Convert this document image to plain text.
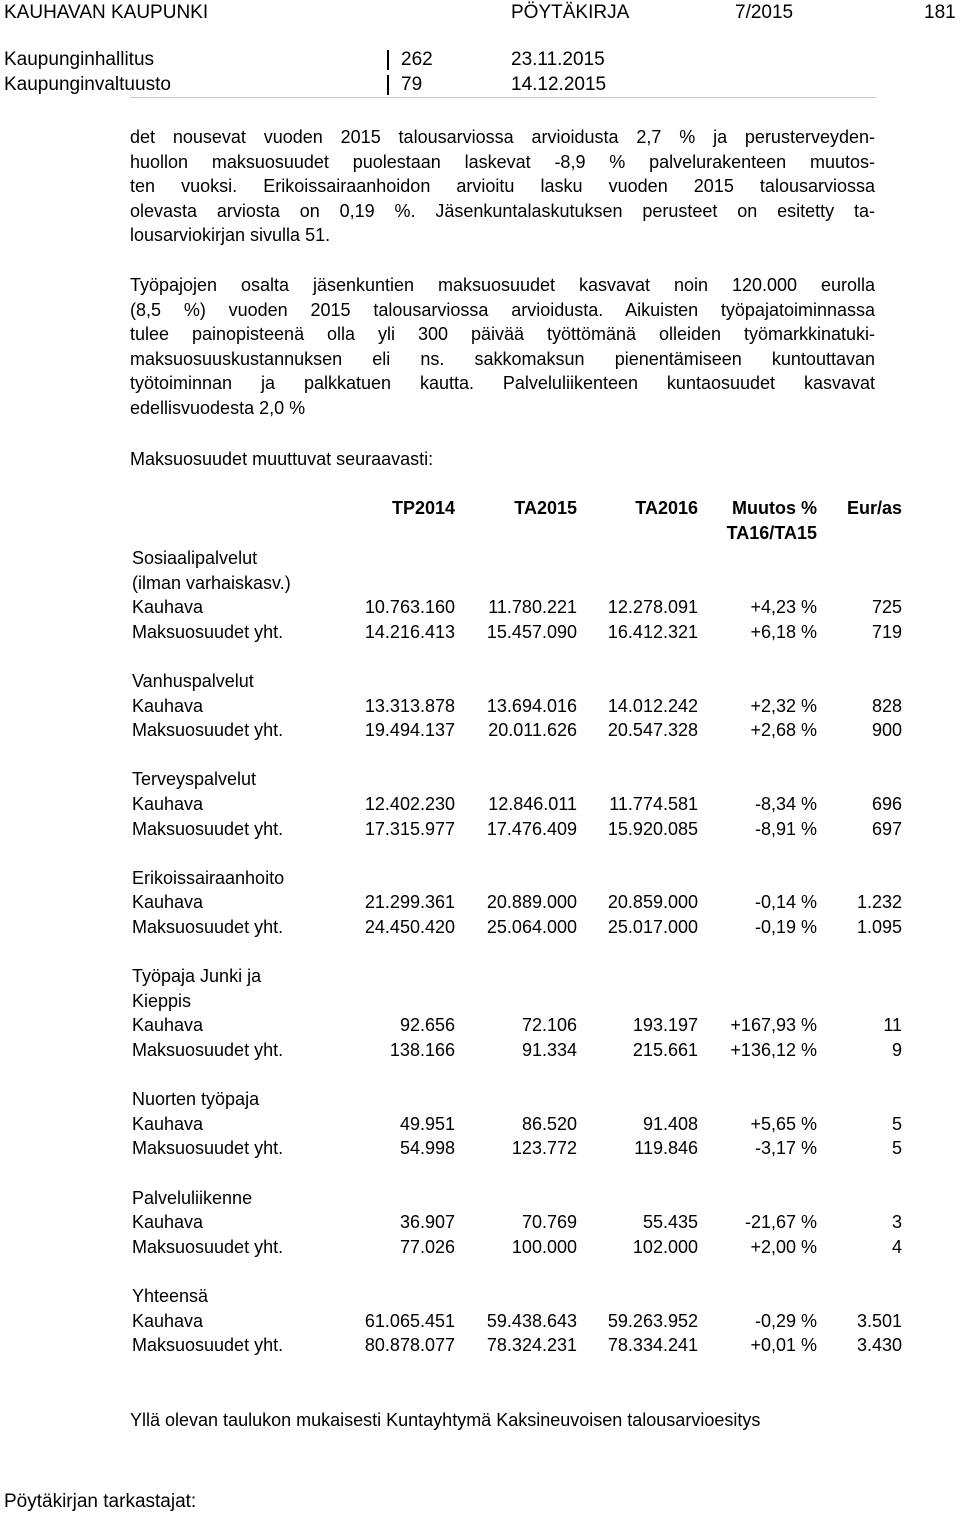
KAUHAVAN KAUPUNKI	PÖYTÄKIRJA	7/2015	181
Kaupunginhallitus	262	23.11.2015
Kaupunginvaltuusto	79	14.12.2015
det nousevat vuoden 2015 talousarviossa arvioidusta 2,7 % ja perusterveyden-
huollon maksuosuudet puolestaan laskevat -8,9 % palvelurakenteen muutos-
ten vuoksi. Erikoissairaanhoidon arvioitu lasku vuoden 2015 talousarviossa
olevasta arviosta on 0,19 %. Jäsenkuntalaskutuksen perusteet on esitetty ta-
lousarviokirjan sivulla 51.
Työpajojen osalta jäsenkuntien maksuosuudet kasvavat noin 120.000 eurolla
(8,5 %) vuoden 2015 talousarviossa arvioidusta. Aikuisten työpajatoiminnassa
tulee painopisteenä olla yli 300 päivää työttömänä olleiden työmarkkinatuki-
maksuosuuskustannuksen eli ns. sakkomaksun pienentämiseen kuntouttavan
työtoiminnan ja palkkatuen kautta. Palveluliikenteen kuntaosuudet kasvavat
edellisvuodesta 2,0 %
Maksuosuudet muuttuvat seuraavasti:
TP2014	TA2015	TA2016	Muutos %	Eur/as
TA16/TA15
Sosiaalipalvelut
(ilman varhaiskasv.)
Kauhava	10.763.160	11.780.221	12.278.091	+4,23 %	725
Maksuosuudet yht.	14.216.413	15.457.090	16.412.321	+6,18 %	719
Vanhuspalvelut
Kauhava	13.313.878	13.694.016	14.012.242	+2,32 %	828
Maksuosuudet yht.	19.494.137	20.011.626	20.547.328	+2,68 %	900
Terveyspalvelut
Kauhava	12.402.230	12.846.011	11.774.581	-8,34 %	696
Maksuosuudet yht.	17.315.977	17.476.409	15.920.085	-8,91 %	697
Erikoissairaanhoito
Kauhava	21.299.361	20.889.000	20.859.000	-0,14 %	1.232
Maksuosuudet yht.	24.450.420	25.064.000	25.017.000	-0,19 %	1.095
Työpaja Junki ja
Kieppis
Kauhava	92.656	72.106	193.197	+167,93 %	11
Maksuosuudet yht.	138.166	91.334	215.661	+136,12 %	9
Nuorten työpaja
Kauhava	49.951	86.520	91.408	+5,65 %	5
Maksuosuudet yht.	54.998	123.772	119.846	-3,17 %	5
Palveluliikenne
Kauhava	36.907	70.769	55.435	-21,67 %	3
Maksuosuudet yht.	77.026	100.000	102.000	+2,00 %	4
Yhteensä
Kauhava	61.065.451	59.438.643	59.263.952	-0,29 %	3.501
Maksuosuudet yht.	80.878.077	78.324.231	78.334.241	+0,01 %	3.430
Yllä olevan taulukon mukaisesti Kuntayhtymä Kaksineuvoisen talousarvioesitys
Pöytäkirjan tarkastajat:
